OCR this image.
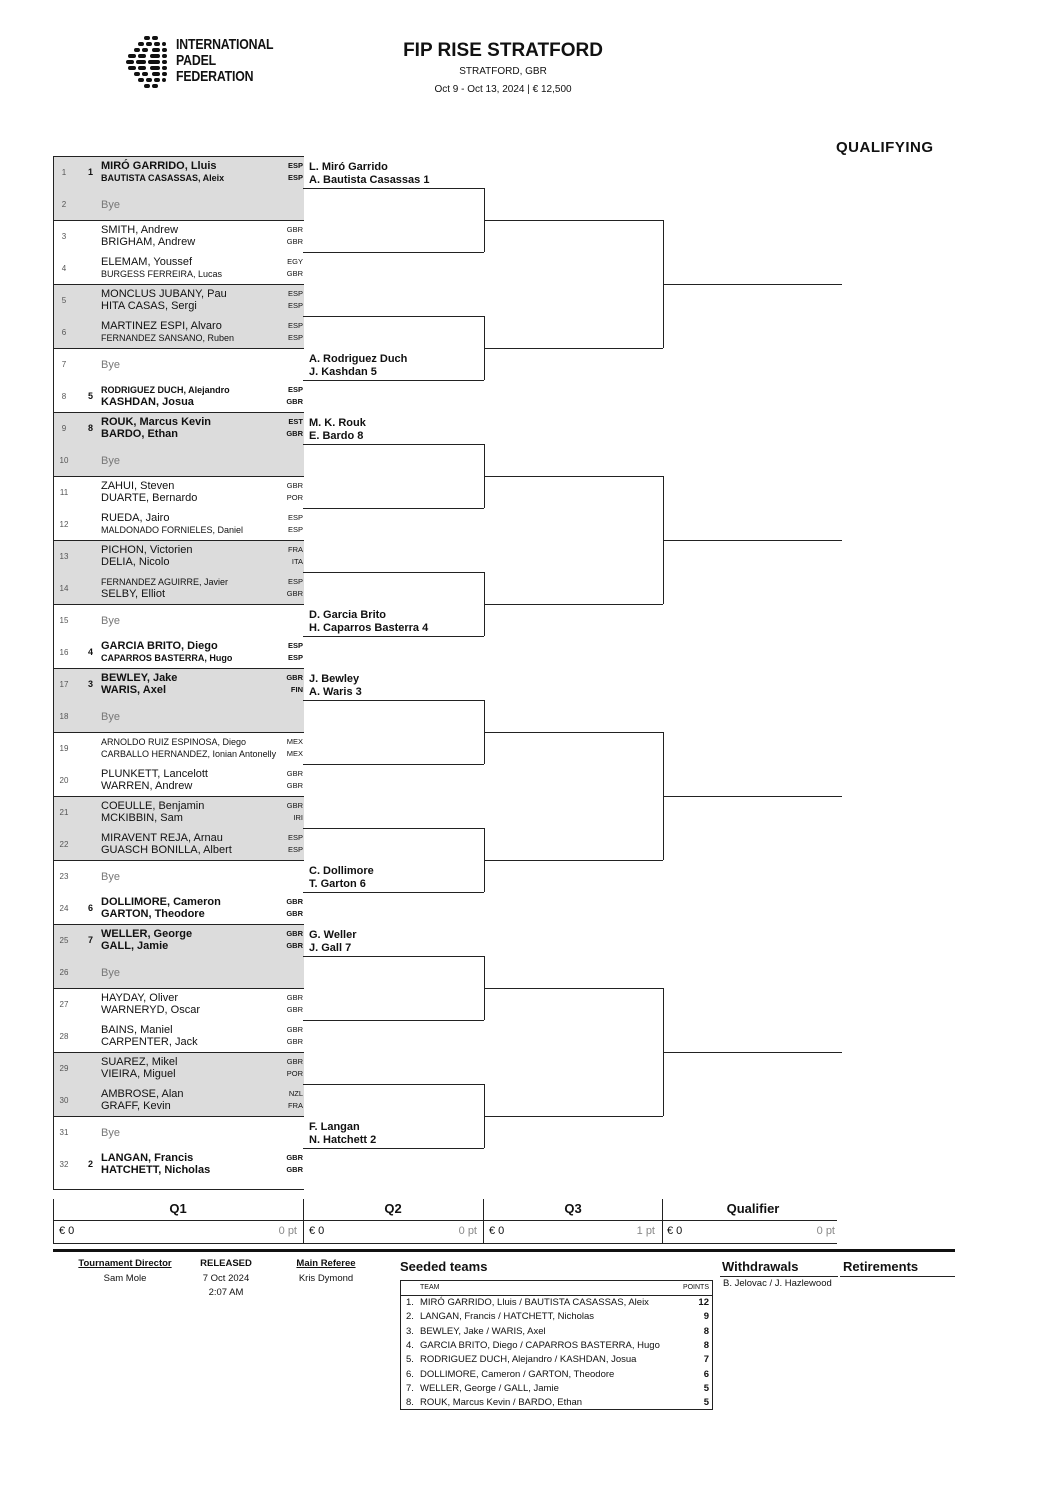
INTERNATIONAL
PADEL
FEDERATION
FIP RISE STRATFORD
STRATFORD, GBR
Oct 9 - Oct 13, 2024 | € 12,500
QUALIFYING
1	1 MIRÓ GARRIDO, Lluis	ESP
BAUTISTA CASASSAS, Aleix	ESP
2	Bye
3
SMITH, Andrew	GBR
BRIGHAM, Andrew	GBR
4
ELEMAM, Youssef	EGY
BURGESS FERREIRA, Lucas	GBR
5
MONCLUS JUBANY, Pau	ESP
HITA CASAS, Sergi	ESP
6
MARTINEZ ESPI, Alvaro	ESP
FERNANDEZ SANSANO, Ruben	ESP
7	Bye
8	5
RODRIGUEZ DUCH, Alejandro	ESP
KASHDAN, Josua	GBR
9	8 ROUK, Marcus Kevin	EST
BARDO, Ethan	GBR
10	Bye
11
ZAHUI, Steven	GBR
DUARTE, Bernardo	POR
12
RUEDA, Jairo	ESP
MALDONADO FORNIELES, Daniel	ESP
13
PICHON, Victorien	FRA
DELIA, Nicolo	ITA
14
FERNANDEZ AGUIRRE, Javier	ESP
SELBY, Elliot	GBR
15	Bye
16	4 GARCIA BRITO, Diego	ESP
CAPARROS BASTERRA, Hugo	ESP
17	3 BEWLEY, Jake	GBR
WARIS, Axel	FIN
18	Bye
19
ARNOLDO RUIZ ESPINOSA, Diego	MEX
CARBALLO HERNANDEZ, Ionian Antonelly MEX
20
PLUNKETT, Lancelott	GBR
WARREN, Andrew	GBR
21
COEULLE, Benjamin	GBR
MCKIBBIN, Sam	IRI
22
MIRAVENT REJA, Arnau	ESP
GUASCH BONILLA, Albert	ESP
23	Bye
24	6 DOLLIMORE, Cameron	GBR
GARTON, Theodore	GBR
25	7 WELLER, George	GBR
GALL, Jamie	GBR
26	Bye
27
HAYDAY, Oliver	GBR
WARNERYD, Oscar	GBR
28
BAINS, Maniel	GBR
CARPENTER, Jack	GBR
29
SUAREZ, Mikel	GBR
VIEIRA, Miguel	POR
30
AMBROSE, Alan	NZL
GRAFF, Kevin	FRA
31	Bye
32	2 LANGAN, Francis	GBR
HATCHETT, Nicholas	GBR
L. Miró Garrido
A. Bautista Casassas 1
A. Rodriguez Duch
J. Kashdan 5
M. K. Rouk
E. Bardo 8
D. Garcia Brito
H. Caparros Basterra 4
J. Bewley
A. Waris 3
C. Dollimore
T. Garton 6
G. Weller
J. Gall 7
F. Langan
N. Hatchett 2
Q1	Q2	Q3	Qualifier
€ 0	0 pt € 0	0 pt € 0	1 pt € 0	0 pt
Tournament Director
Sam Mole
RELEASED
7 Oct 2024
2:07 AM
Main Referee
Kris Dymond
Seeded teams
TEAM	POINTS
1. MIRÓ GARRIDO, Lluis / BAUTISTA CASASSAS, Aleix	12
2. LANGAN, Francis / HATCHETT, Nicholas	9
3. BEWLEY, Jake / WARIS, Axel	8
4. GARCIA BRITO, Diego / CAPARROS BASTERRA, Hugo	8
5. RODRIGUEZ DUCH, Alejandro / KASHDAN, Josua	7
6. DOLLIMORE, Cameron / GARTON, Theodore	6
7. WELLER, George / GALL, Jamie	5
8. ROUK, Marcus Kevin / BARDO, Ethan	5
Withdrawals
B. Jelovac / J. Hazlewood
Retirements
